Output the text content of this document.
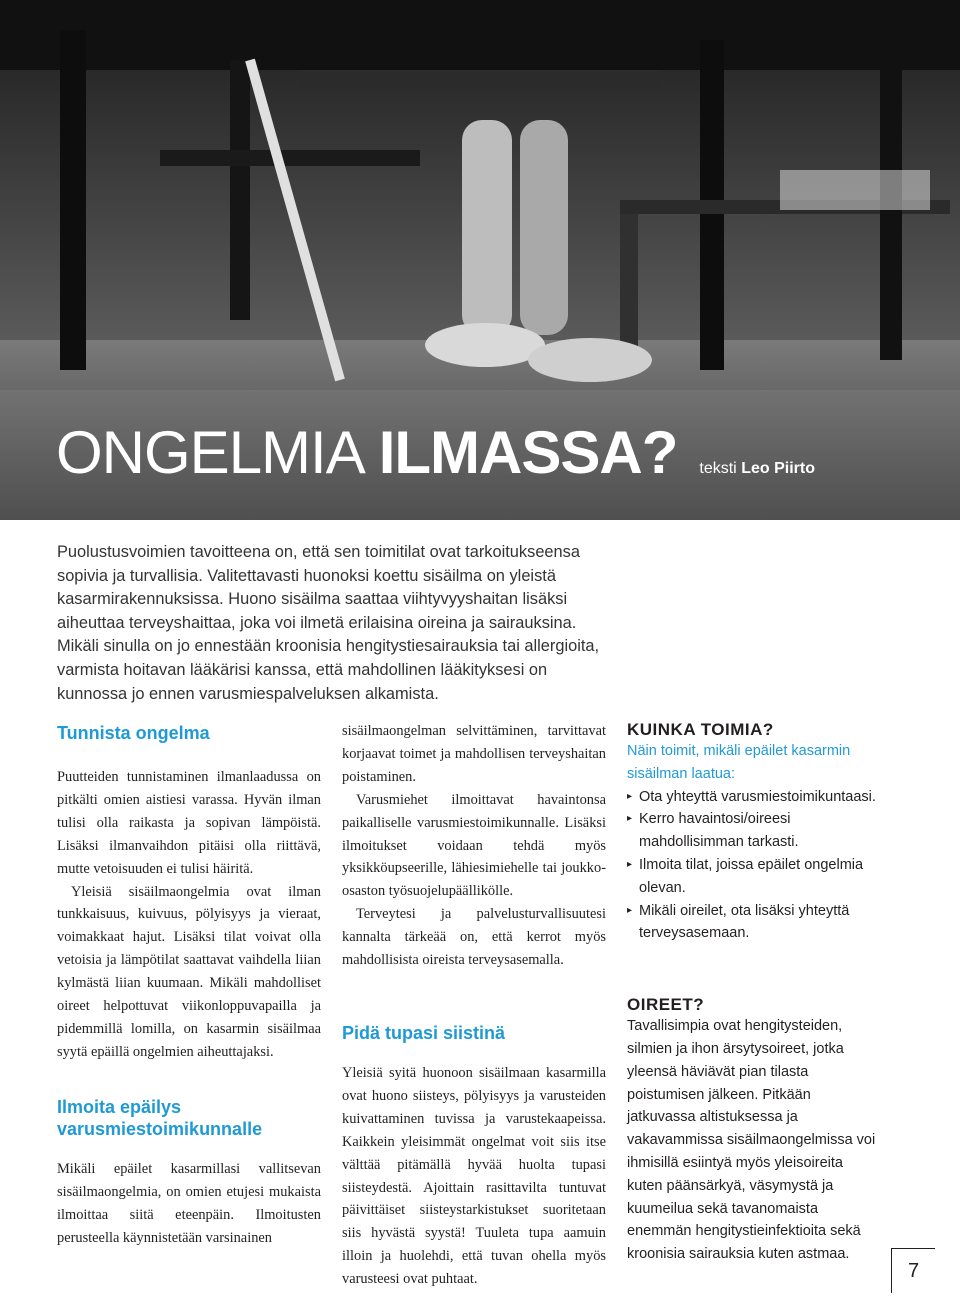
ONGELMIA ILMASSA? teksti Leo Piirto

Puolustusvoimien tavoitteena on, että sen toimitilat ovat tarkoitukseensa sopivia ja turvallisia. Valitettavasti huonoksi koettu sisäilma on yleistä kasarmirakennuksissa. Huono sisäilma saattaa viihtyvyyshaitan lisäksi aiheuttaa terveyshaittaa, joka voi ilmetä erilaisina oireina ja sairauksina. Mikäli sinulla on jo ennestään kroonisia hengitystiesairauksia tai allergioita, varmista hoitavan lääkärisi kanssa, että mahdollinen lääkityksesi on kunnossa jo ennen varusmiespalveluksen alkamista.

Tunnista ongelma

Puutteiden tunnistaminen ilmanlaadussa on pitkälti omien aistiesi varassa. Hyvän ilman tulisi olla raikasta ja sopivan lämpöistä. Lisäksi ilmanvaihdon pitäisi olla riittävä, mutte vetoisuuden ei tulisi häiritä.

Yleisiä sisäilmaongelmia ovat ilman tunkkaisuus, kuivuus, pölyisyys ja vieraat, voimakkaat hajut. Lisäksi tilat voivat olla vetoisia ja lämpötilat saattavat vaihdella liian kylmästä liian kuumaan. Mikäli mahdolliset oireet helpottuvat viikonloppuvapailla ja pidemmillä lomilla, on kasarmin sisäilmaa syytä epäillä ongelmien aiheuttajaksi.

Ilmoita epäilys varusmiestoimikunnalle

Mikäli epäilet kasarmillasi vallitsevan sisäilmaongelmia, on omien etujesi mukaista ilmoittaa siitä eteenpäin. Ilmoitusten perusteella käynnistetään varsinainen

sisäilmaongelman selvittäminen, tarvittavat korjaavat toimet ja mahdollisen terveyshaitan poistaminen.

Varusmiehet ilmoittavat havaintonsa paikalliselle varusmiestoimikunnalle. Lisäksi ilmoitukset voidaan tehdä myös yksikköupseerille, lähiesimiehelle tai joukko-osaston työsuojelupäällikölle.

Terveytesi ja palvelusturvallisuutesi kannalta tärkeää on, että kerrot myös mahdollisista oireista terveysasemalla.

Pidä tupasi siistinä

Yleisiä syitä huonoon sisäilmaan kasarmilla ovat huono siisteys, pölyisyys ja varusteiden kuivattaminen tuvissa ja varustekaapeissa. Kaikkein yleisimmät ongelmat voit siis itse välttää pitämällä hyvää huolta tupasi siisteydestä. Ajoittain rasittavilta tuntuvat päivittäiset siisteystarkistukset suoritetaan siis hyvästä syystä! Tuuleta tupa aamuin illoin ja huolehdi, että tuvan ohella myös varusteesi ovat puhtaat.

KUINKA TOIMIA?
Näin toimit, mikäli epäilet kasarmin sisäilman laatua:
▸ Ota yhteyttä varusmiestoimikuntaasi.
▸ Kerro havaintosi/oireesi mahdollisimman tarkasti.
▸ Ilmoita tilat, joissa epäilet ongelmia olevan.
▸ Mikäli oireilet, ota lisäksi yhteyttä terveysasemaan.
OIREET?
Tavallisimpia ovat hengitysteiden, silmien ja ihon ärsytysoireet, jotka yleensä häviävät pian tilasta poistumisen jälkeen. Pitkään jatkuvassa altistuksessa ja vakavammissa sisäilmaongelmissa voi ihmisillä esiintyä myös yleisoireita kuten päänsärkyä, väsymystä ja kuumeilua sekä tavanomaista enemmän hengitystieinfektioita sekä kroonisia sairauksia kuten astmaa.
7
